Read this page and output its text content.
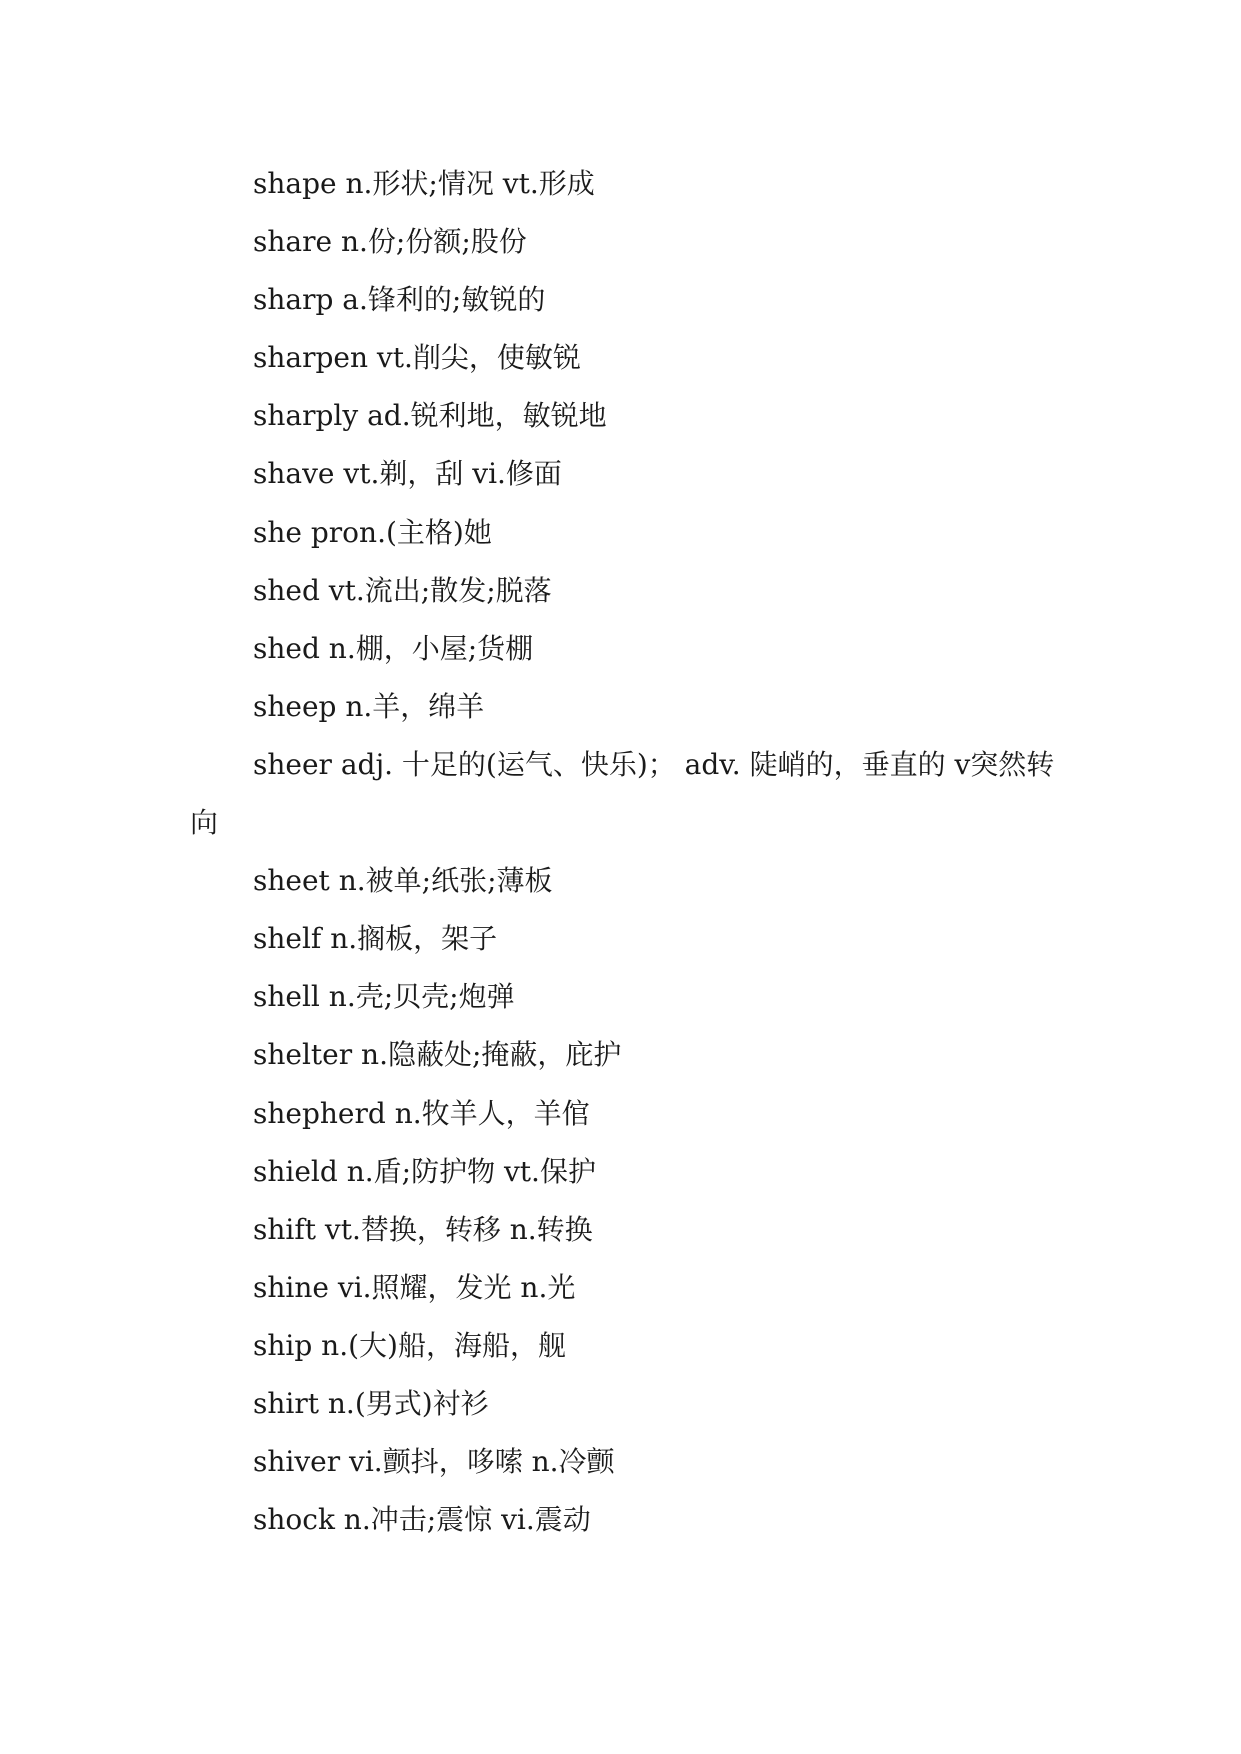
shape n.形状;情况 vt.形成
share n.份;份额;股份
sharp a.锋利的;敏锐的
sharpen vt.削尖，使敏锐
sharply ad.锐利地，敏锐地
shave vt.剃，刮 vi.修面
she pron.(主格)她
shed vt.流出;散发;脱落
shed n.棚，小屋;货棚
sheep n.羊，绵羊
sheer adj. 十足的(运气、快乐)； adv. 陡峭的，垂直的 v突然转向
sheet n.被单;纸张;薄板
shelf n.搁板，架子
shell n.壳;贝壳;炮弹
shelter n.隐蔽处;掩蔽，庇护
shepherd n.牧羊人，羊倌
shield n.盾;防护物 vt.保护
shift vt.替换，转移 n.转换
shine vi.照耀，发光 n.光
ship n.(大)船，海船，舰
shirt n.(男式)衬衫
shiver vi.颤抖，哆嗦 n.冷颤
shock n.冲击;震惊 vi.震动
